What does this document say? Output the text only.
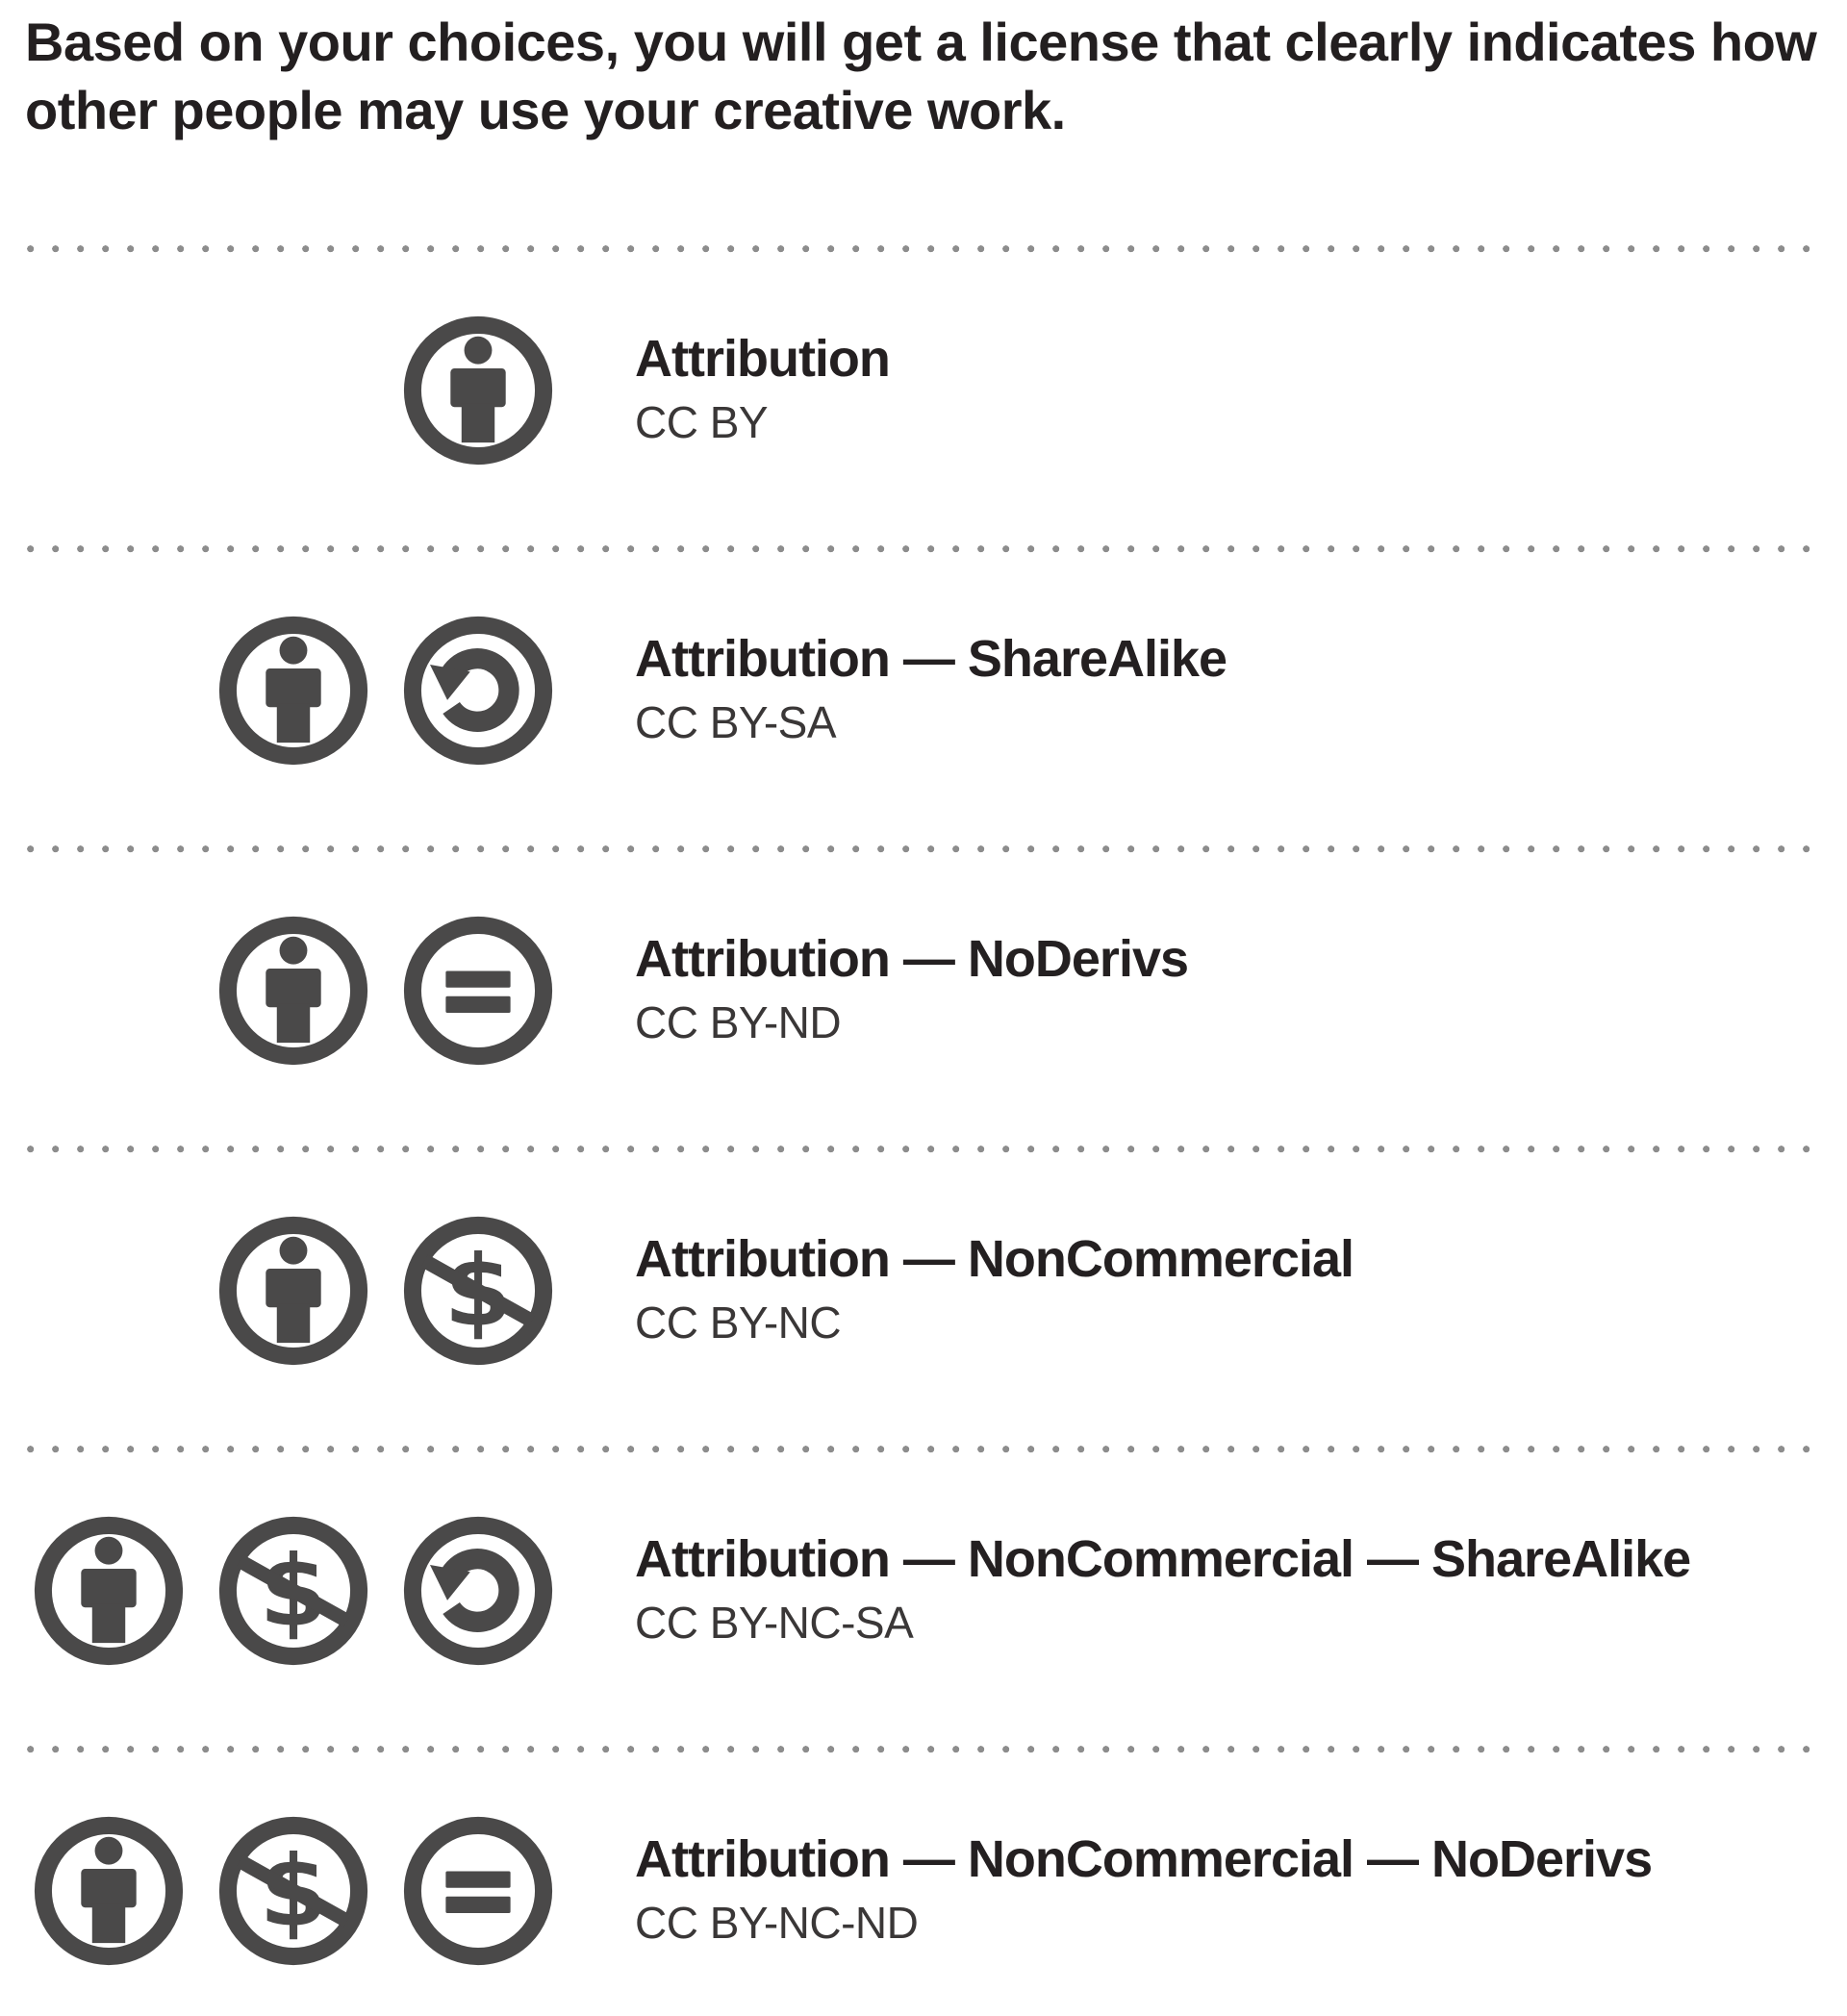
Based on your choices, you will get a license that clearly indicates how
other people may use your creative work.
Attribution
CC BY
Attribution — ShareAlike
CC BY-SA
Attribution — NoDerivs
CC BY-ND
Attribution — NonCommercial
CC BY-NC
Attribution — NonCommercial — ShareAlike
CC BY-NC-SA
Attribution — NonCommercial — NoDerivs
CC BY-NC-ND
